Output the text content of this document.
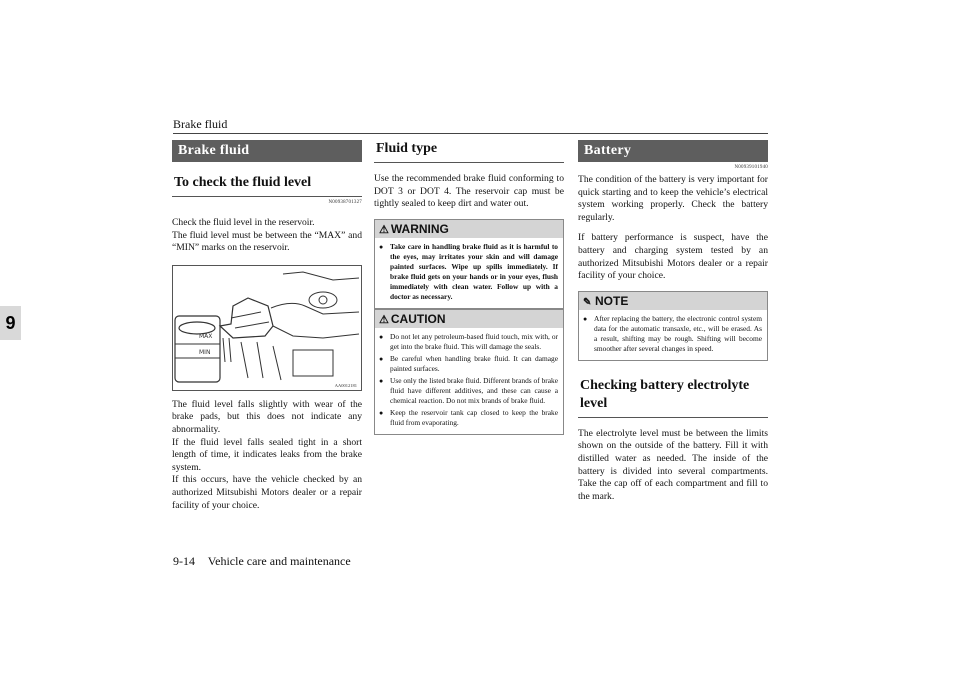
Brake fluid
9
Brake fluid
To check the fluid level
N00938701327

Check the fluid level in the reservoir.

The fluid level must be between the “MAX” and “MIN” marks on the reservoir.

MAX
MIN
AA0012181

The fluid level falls slightly with wear of the brake pads, but this does not indicate any abnormality.

If the fluid level falls sealed tight in a short length of time, it indicates leaks from the brake system.

If this occurs, have the vehicle checked by an authorized Mitsubishi Motors dealer or a repair facility of your choice.

Fluid type

Use the recommended brake fluid conforming to DOT 3 or DOT 4. The reservoir cap must be tightly sealed to keep dirt and water out.

⚠ WARNING
● Take care in handling brake fluid as it is harmful to the eyes, may irritates your skin and will damage painted surfaces. Wipe up spills immediately. If brake fluid gets on your hands or in your eyes, flush immediately with clean water. Follow up with a doctor as necessary.
⚠ CAUTION
● Do not let any petroleum-based fluid touch, mix with, or get into the brake fluid. This will damage the seals.
● Be careful when handling brake fluid. It can damage painted surfaces.
● Use only the listed brake fluid. Different brands of brake fluid have different additives, and these can cause a chemical reaction. Do not mix brands of brake fluid.
● Keep the reservoir tank cap closed to keep the brake fluid from evaporating.
Battery
N00939101940

The condition of the battery is very important for quick starting and to keep the vehicle’s electrical system working properly. Check the battery regularly.

If battery performance is suspect, have the battery and charging system tested by an authorized Mitsubishi Motors dealer or a repair facility of your choice.

✎ NOTE
● After replacing the battery, the electronic control system data for the automatic transaxle, etc., will be erased. As a result, shifting may be rough. Shifting will become smoother after several changes in speed.
Checking battery electrolyte level

The electrolyte level must be between the limits shown on the outside of the battery. Fill it with distilled water as needed. The inside of the battery is divided into several compartments. Take the cap off of each compartment and fill to the mark.

9-14 Vehicle care and maintenance
